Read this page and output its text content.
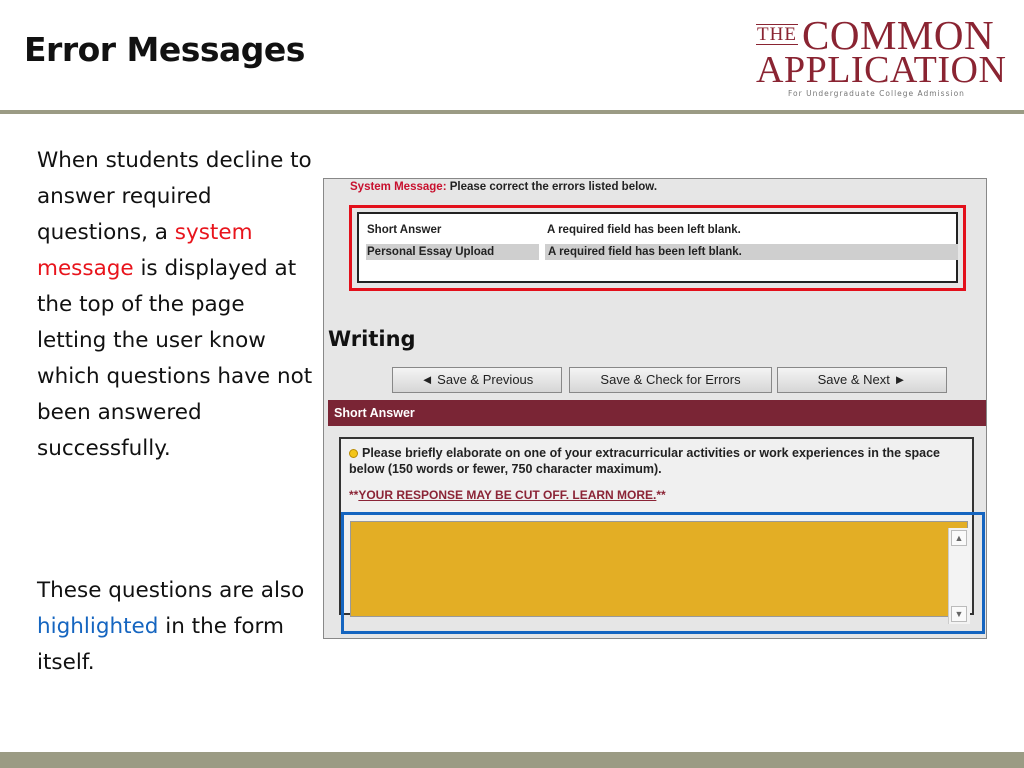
Error Messages	THE COMMON
APPLICATION
For Undergraduate College Admission
When students decline to answer required questions, a system message is displayed at the top of the page letting the user know which questions have not been answered successfully.
These questions are also highlighted in the form itself.
System Message: Please correct the errors listed below.
Short Answer	A required field has been left blank.
Personal Essay Upload	A required field has been left blank.
Writing
◄ Save & Previous	Save & Check for Errors	Save & Next ►
Short Answer
Please briefly elaborate on one of your extracurricular activities or work experiences in the space below (150 words or fewer, 750 character maximum).
**YOUR RESPONSE MAY BE CUT OFF. LEARN MORE.**
▲
▼
